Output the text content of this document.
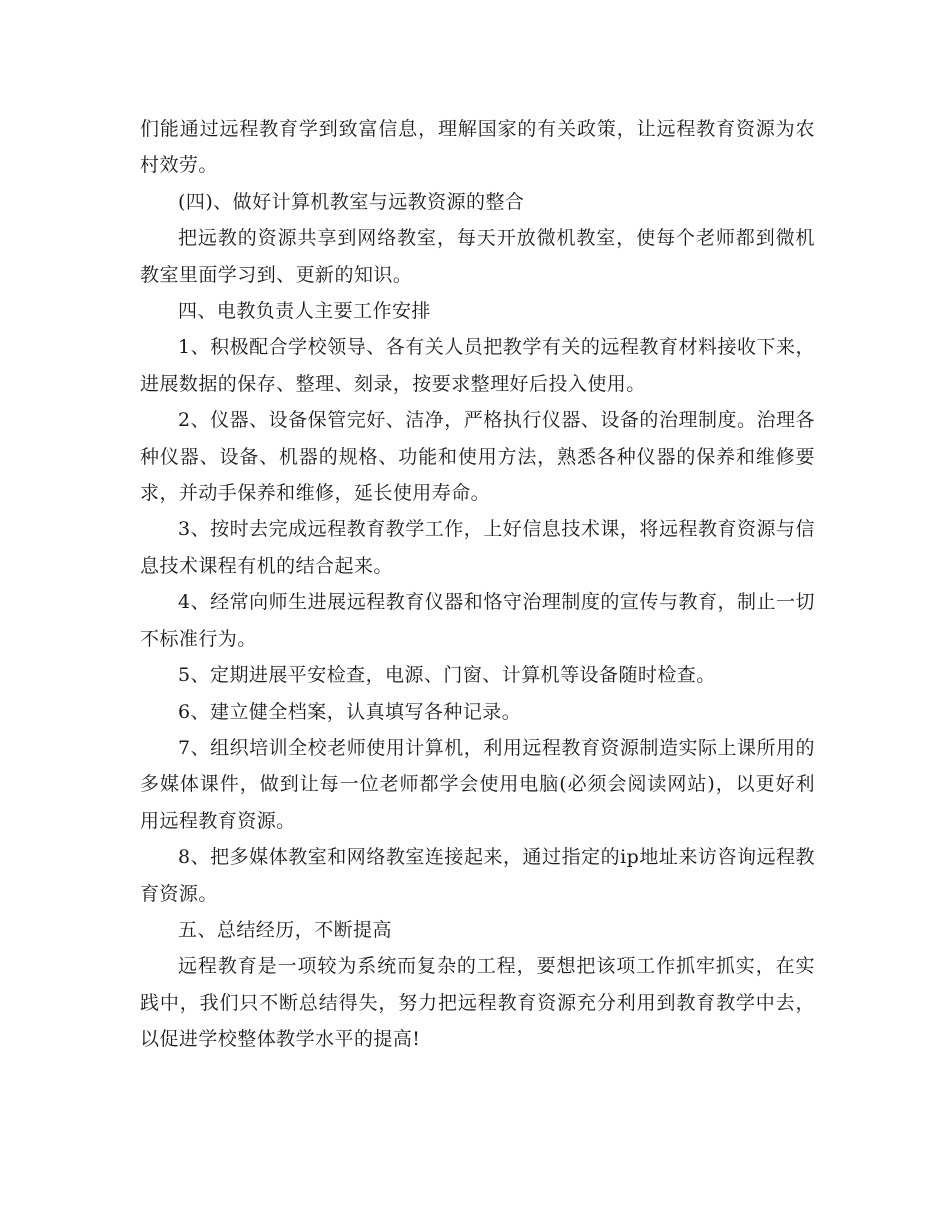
们能通过远程教育学到致富信息，理解国家的有关政策，让远程教育资源为农村效劳。

(四)、做好计算机教室与远教资源的整合

把远教的资源共享到网络教室，每天开放微机教室，使每个老师都到微机教室里面学习到、更新的知识。

四、电教负责人主要工作安排

1、积极配合学校领导、各有关人员把教学有关的远程教育材料接收下来，进展数据的保存、整理、刻录，按要求整理好后投入使用。

2、仪器、设备保管完好、洁净，严格执行仪器、设备的治理制度。治理各种仪器、设备、机器的规格、功能和使用方法，熟悉各种仪器的保养和维修要求，并动手保养和维修，延长使用寿命。

3、按时去完成远程教育教学工作，上好信息技术课，将远程教育资源与信息技术课程有机的结合起来。

4、经常向师生进展远程教育仪器和恪守治理制度的宣传与教育，制止一切不标准行为。

5、定期进展平安检查，电源、门窗、计算机等设备随时检查。

6、建立健全档案，认真填写各种记录。

7、组织培训全校老师使用计算机，利用远程教育资源制造实际上课所用的多媒体课件，做到让每一位老师都学会使用电脑(必须会阅读网站)，以更好利用远程教育资源。

8、把多媒体教室和网络教室连接起来，通过指定的ip地址来访咨询远程教育资源。

五、总结经历，不断提高

远程教育是一项较为系统而复杂的工程，要想把该项工作抓牢抓实，在实践中，我们只不断总结得失，努力把远程教育资源充分利用到教育教学中去，以促进学校整体教学水平的提高!
